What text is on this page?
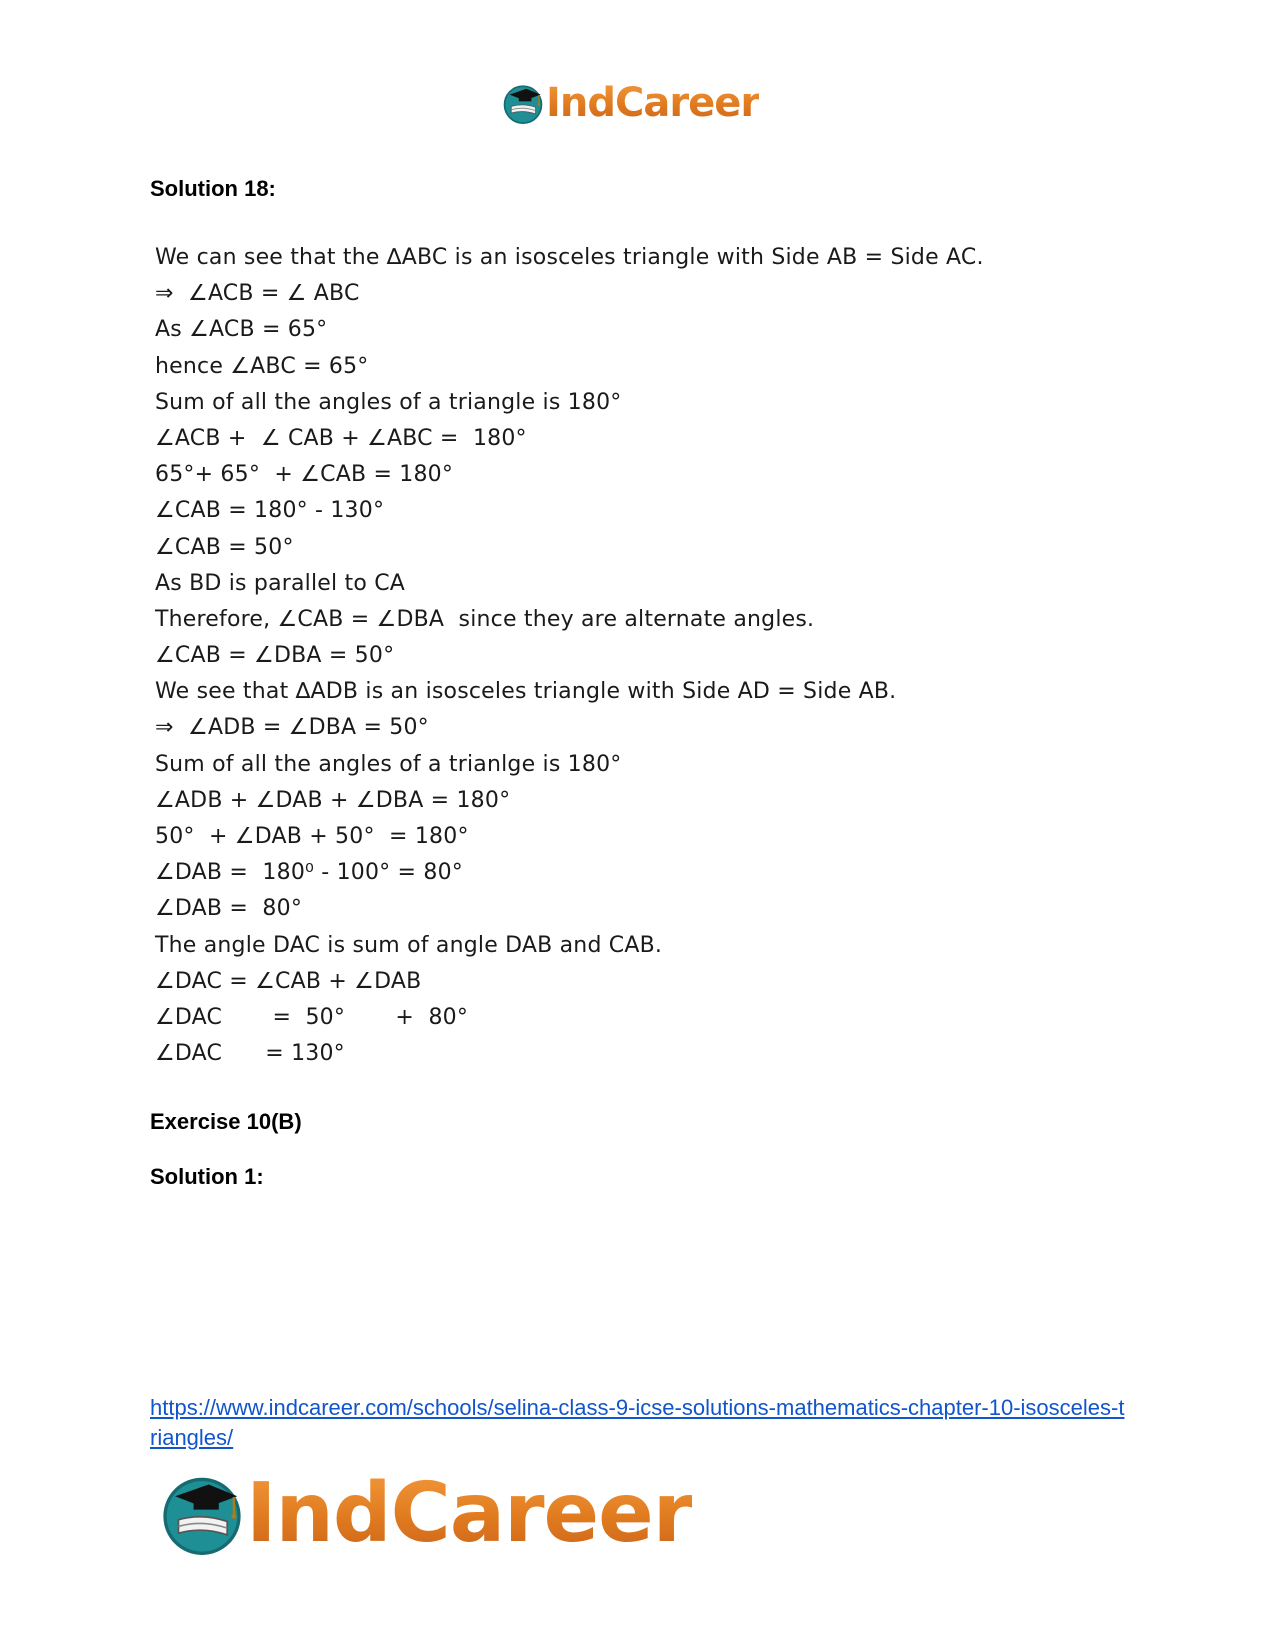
IndCareer
Solution 18:
We can see that the ∆ABC is an isosceles triangle with Side AB = Side AC.
⇒  ∠ACB = ∠ ABC
As ∠ACB = 65°
hence ∠ABC = 65°
Sum of all the angles of a triangle is 180°
∠ACB +  ∠ CAB + ∠ABC =  180°
65°+ 65°  + ∠CAB = 180°
∠CAB = 180° - 130°
∠CAB = 50°
As BD is parallel to CA
Therefore, ∠CAB = ∠DBA  since they are alternate angles.
∠CAB = ∠DBA = 50°
We see that ∆ADB is an isosceles triangle with Side AD = Side AB.
⇒  ∠ADB = ∠DBA = 50°
Sum of all the angles of a trianlge is 180°
∠ADB + ∠DAB + ∠DBA = 180°
50°  + ∠DAB + 50°  = 180°
∠DAB =  180⁰ - 100° = 80°
∠DAB =  80°
The angle DAC is sum of angle DAB and CAB.
∠DAC = ∠CAB + ∠DAB
∠DAC       =  50°       +  80°
∠DAC      = 130°
Exercise 10(B)
Solution 1:
https://www.indcareer.com/schools/selina-class-9-icse-solutions-mathematics-chapter-10-isosceles-triangles/
IndCareer
